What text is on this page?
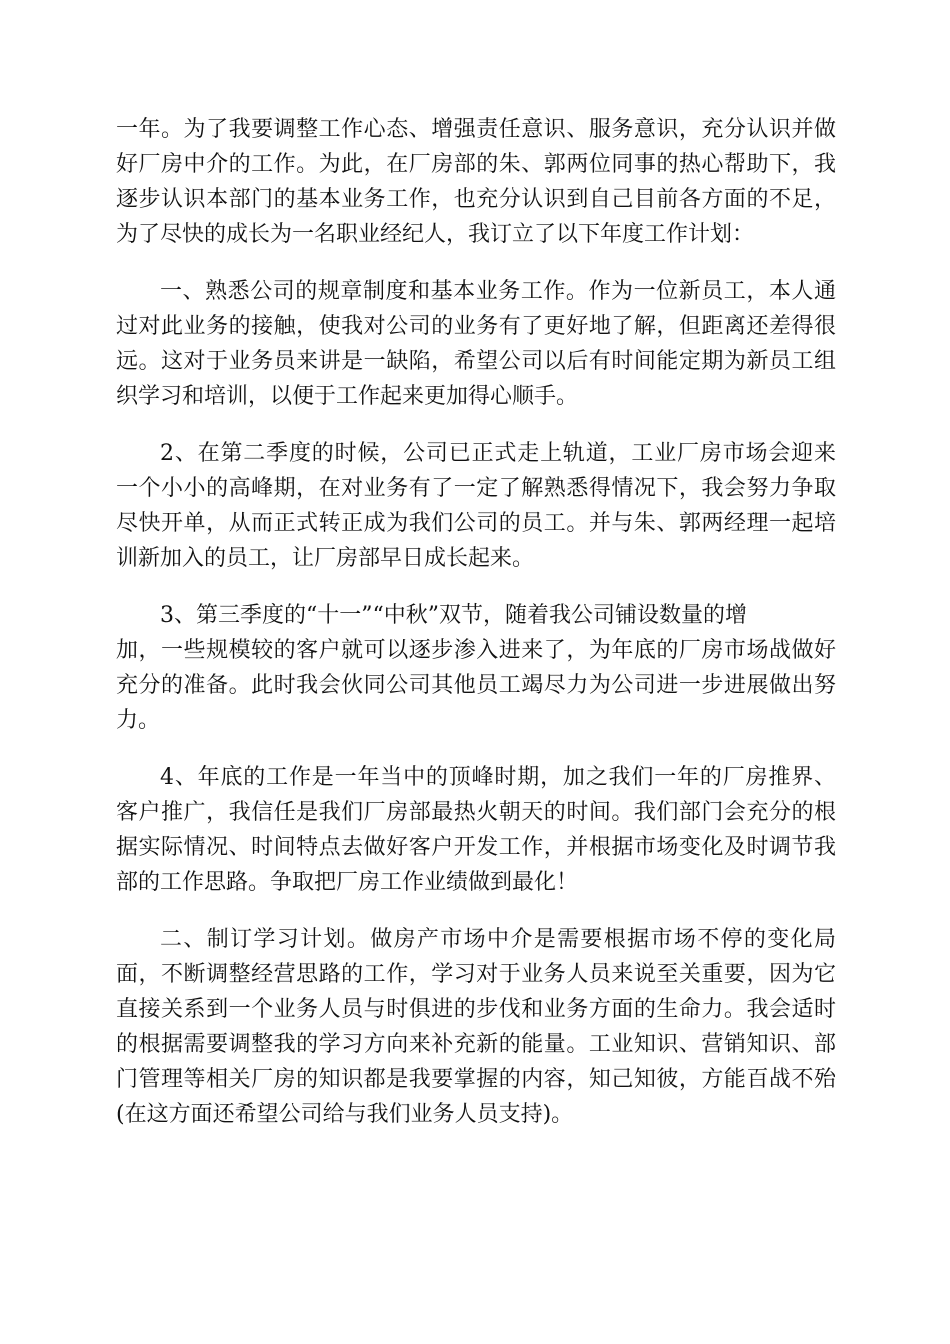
一年。为了我要调整工作心态、增强责任意识、服务意识，充分认识并做
好厂房中介的工作。为此，在厂房部的朱、郭两位同事的热心帮助下，我
逐步认识本部门的基本业务工作，也充分认识到自己目前各方面的不足，
为了尽快的成长为一名职业经纪人，我订立了以下年度工作计划：
一、熟悉公司的规章制度和基本业务工作。作为一位新员工，本人通
过对此业务的接触，使我对公司的业务有了更好地了解，但距离还差得很
远。这对于业务员来讲是一缺陷，希望公司以后有时间能定期为新员工组
织学习和培训，以便于工作起来更加得心顺手。
2、在第二季度的时候，公司已正式走上轨道，工业厂房市场会迎来
一个小小的高峰期，在对业务有了一定了解熟悉得情况下，我会努力争取
尽快开单，从而正式转正成为我们公司的员工。并与朱、郭两经理一起培
训新加入的员工，让厂房部早日成长起来。
3、第三季度的“十一”“中秋”双节，随着我公司铺设数量的增
加，一些规模较的客户就可以逐步渗入进来了，为年底的厂房市场战做好
充分的准备。此时我会伙同公司其他员工竭尽力为公司进一步进展做出努
力。
4、年底的工作是一年当中的顶峰时期，加之我们一年的厂房推界、
客户推广，我信任是我们厂房部最热火朝天的时间。我们部门会充分的根
据实际情况、时间特点去做好客户开发工作，并根据市场变化及时调节我
部的工作思路。争取把厂房工作业绩做到最化！
二、制订学习计划。做房产市场中介是需要根据市场不停的变化局
面，不断调整经营思路的工作，学习对于业务人员来说至关重要，因为它
直接关系到一个业务人员与时俱进的步伐和业务方面的生命力。我会适时
的根据需要调整我的学习方向来补充新的能量。工业知识、营销知识、部
门管理等相关厂房的知识都是我要掌握的内容，知己知彼，方能百战不殆
(在这方面还希望公司给与我们业务人员支持)。
